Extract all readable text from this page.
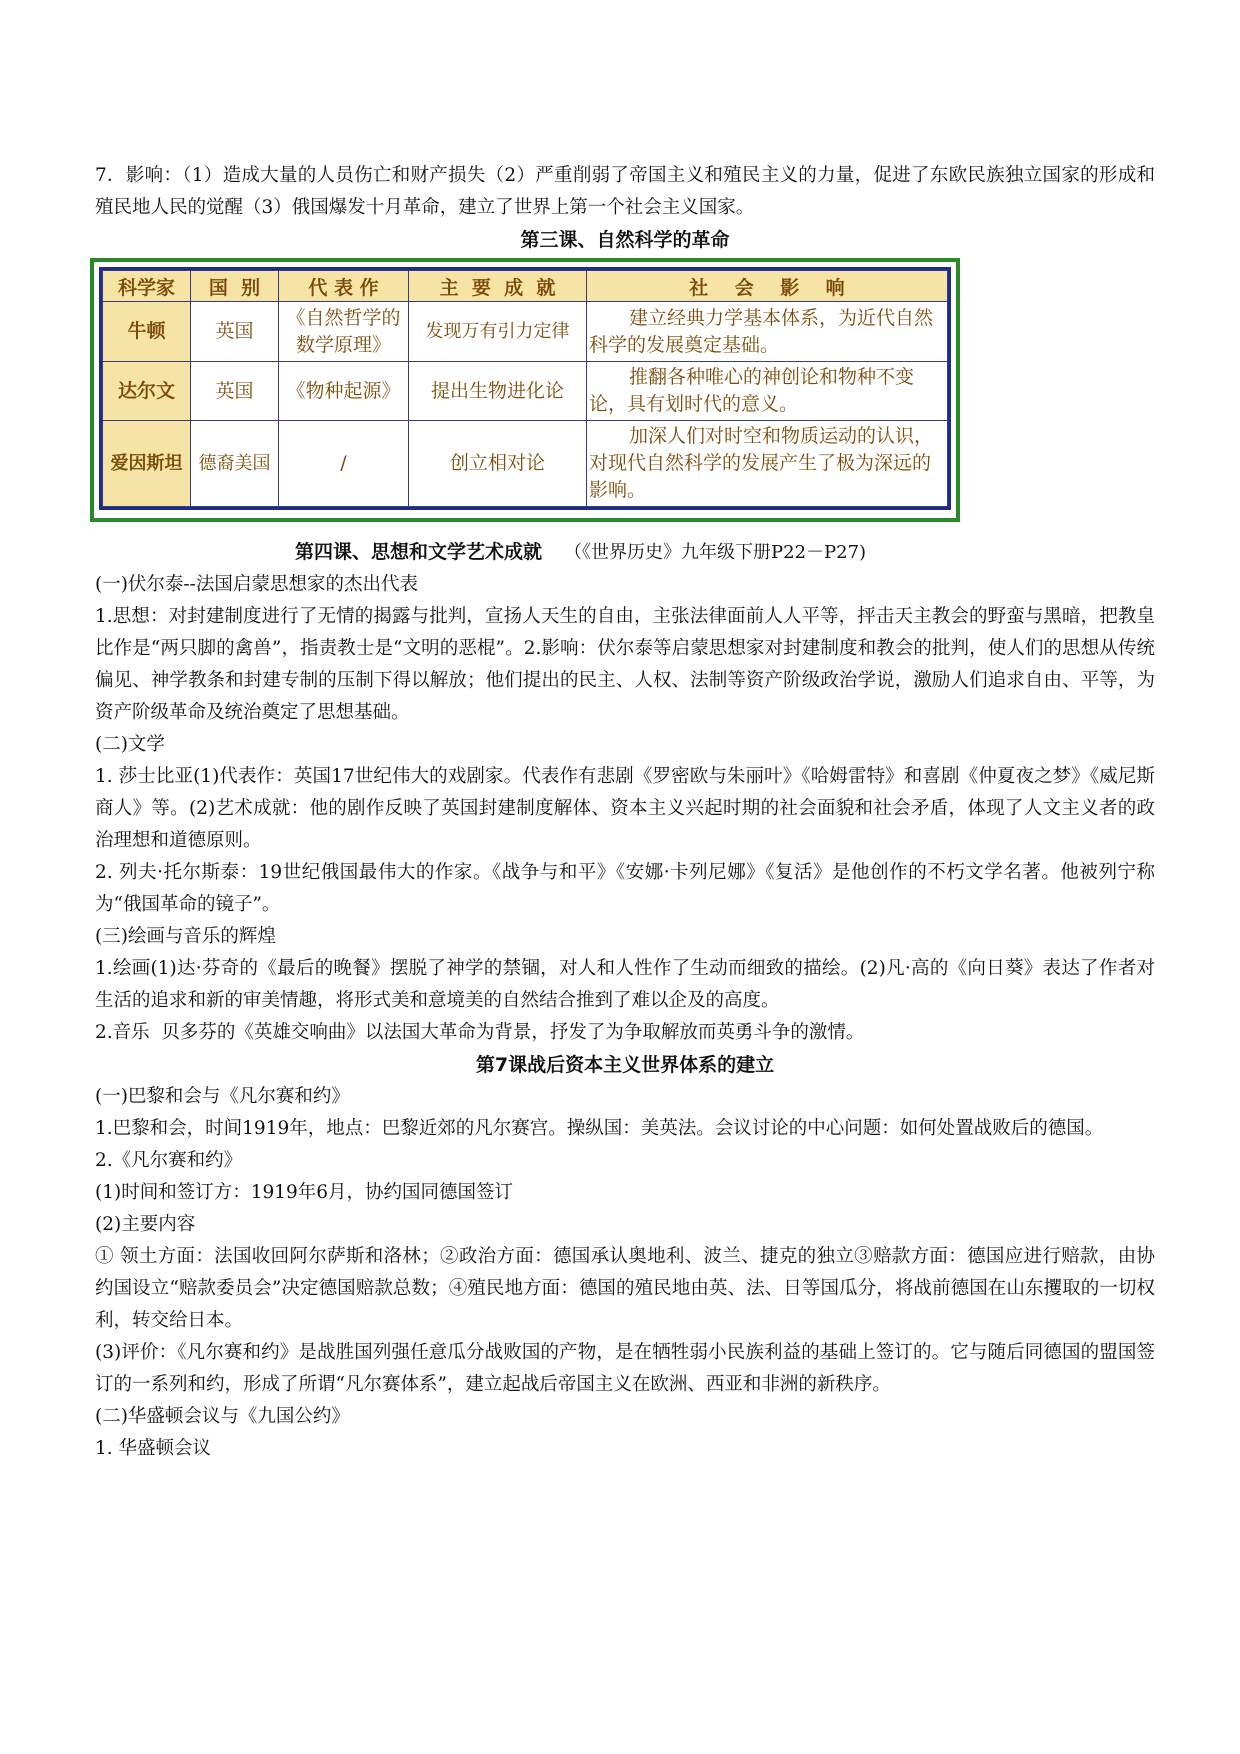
7．影响：（1）造成大量的人员伤亡和财产损失（2）严重削弱了帝国主义和殖民主义的力量，促进了东欧民族独立国家的形成和殖民地人民的觉醒（3）俄国爆发十月革命，建立了世界上第一个社会主义国家。

第三课、自然科学的革命

科学家	国  别	代 表 作	主  要  成  就	社    会    影    响
牛顿	英国	《自然哲学的数学原理》	发现万有引力定律	建立经典力学基本体系，为近代自然科学的发展奠定基础。
达尔文	英国	《物种起源》	提出生物进化论	推翻各种唯心的神创论和物种不变论，具有划时代的意义。
爱因斯坦	德裔美国	/	创立相对论	加深人们对时空和物质运动的认识，对现代自然科学的发展产生了极为深远的影响。

第四课、思想和文学艺术成就 （《世界历史》九年级下册P22－P27)

(一)伏尔泰--法国启蒙思想家的杰出代表

1.思想：对封建制度进行了无情的揭露与批判，宣扬人天生的自由，主张法律面前人人平等，抨击天主教会的野蛮与黑暗，把教皇比作是“两只脚的禽兽”，指责教士是“文明的恶棍”。2.影响：伏尔泰等启蒙思想家对封建制度和教会的批判，使人们的思想从传统偏见、神学教条和封建专制的压制下得以解放；他们提出的民主、人权、法制等资产阶级政治学说，激励人们追求自由、平等，为资产阶级革命及统治奠定了思想基础。

(二)文学

1. 莎士比亚(1)代表作：英国17世纪伟大的戏剧家。代表作有悲剧《罗密欧与朱丽叶》《哈姆雷特》和喜剧《仲夏夜之梦》《威尼斯商人》等。(2)艺术成就：他的剧作反映了英国封建制度解体、资本主义兴起时期的社会面貌和社会矛盾，体现了人文主义者的政治理想和道德原则。

2. 列夫·托尔斯泰：19世纪俄国最伟大的作家。《战争与和平》《安娜·卡列尼娜》《复活》是他创作的不朽文学名著。他被列宁称为“俄国革命的镜子”。

(三)绘画与音乐的辉煌

1.绘画(1)达·芬奇的《最后的晚餐》摆脱了神学的禁锢，对人和人性作了生动而细致的描绘。(2)凡·高的《向日葵》表达了作者对生活的追求和新的审美情趣，将形式美和意境美的自然结合推到了难以企及的高度。

2.音乐  贝多芬的《英雄交响曲》以法国大革命为背景，抒发了为争取解放而英勇斗争的激情。

第7课战后资本主义世界体系的建立

(一)巴黎和会与《凡尔赛和约》

1.巴黎和会，时间1919年，地点：巴黎近郊的凡尔赛宫。操纵国：美英法。会议讨论的中心问题：如何处置战败后的德国。

2.《凡尔赛和约》

(1)时间和签订方：1919年6月，协约国同德国签订

(2)主要内容

① 领土方面：法国收回阿尔萨斯和洛林；②政治方面：德国承认奥地利、波兰、捷克的独立③赔款方面：德国应进行赔款，由协约国设立“赔款委员会”决定德国赔款总数；④殖民地方面：德国的殖民地由英、法、日等国瓜分，将战前德国在山东攫取的一切权利，转交给日本。

(3)评价：《凡尔赛和约》是战胜国列强任意瓜分战败国的产物，是在牺牲弱小民族利益的基础上签订的。它与随后同德国的盟国签订的一系列和约，形成了所谓“凡尔赛体系”，建立起战后帝国主义在欧洲、西亚和非洲的新秩序。

(二)华盛顿会议与《九国公约》

1. 华盛顿会议
